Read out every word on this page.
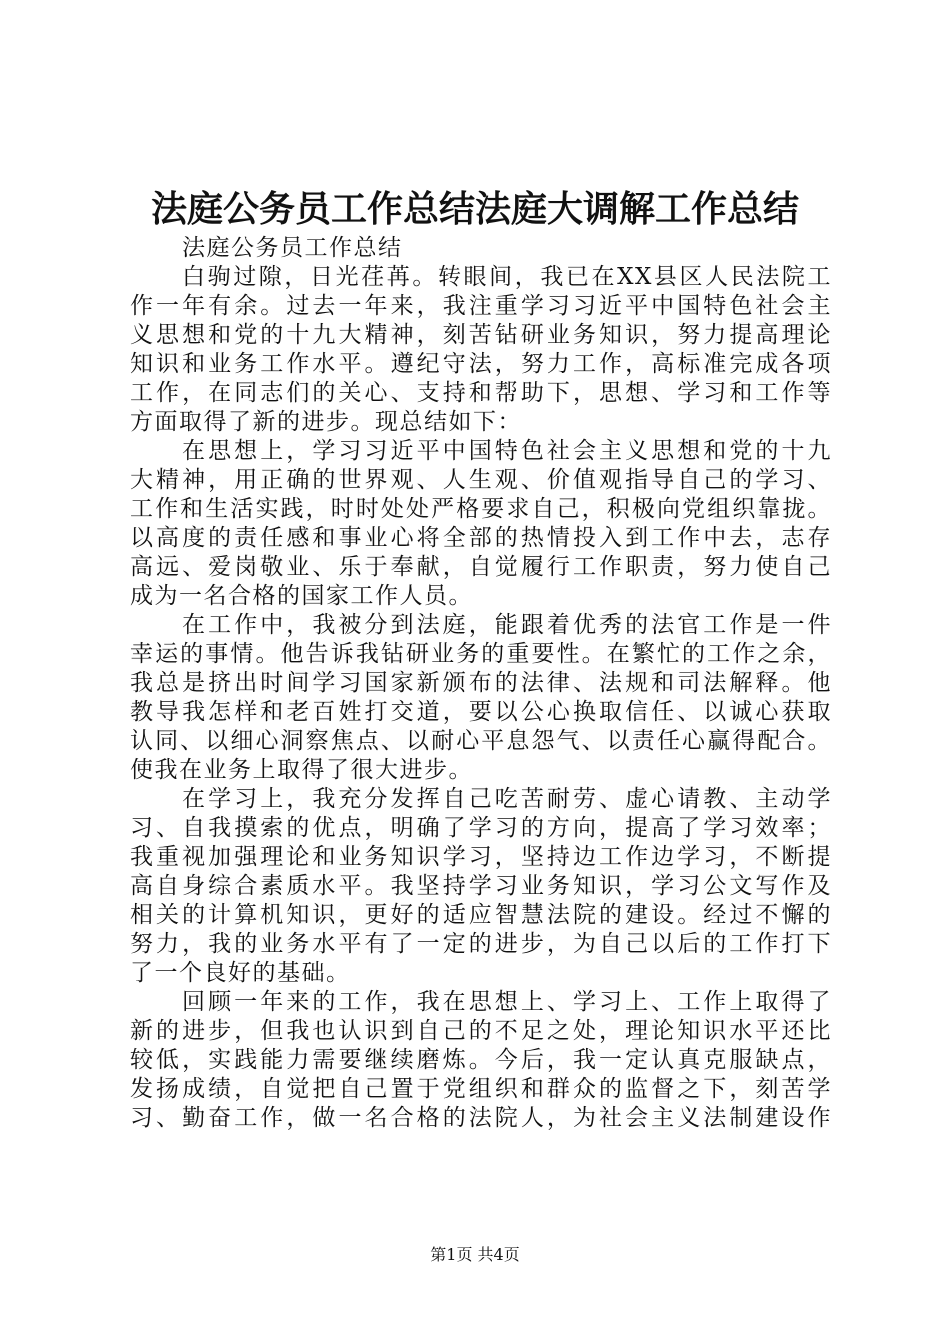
法庭公务员工作总结法庭大调解工作总结
法庭公务员工作总结
白驹过隙，日光荏苒。转眼间，我已在XX县区人民法院工
作一年有余。过去一年来，我注重学习习近平中国特色社会主
义思想和党的十九大精神，刻苦钻研业务知识，努力提高理论
知识和业务工作水平。遵纪守法，努力工作，高标准完成各项
工作，在同志们的关心、支持和帮助下，思想、学习和工作等
方面取得了新的进步。现总结如下：
在思想上，学习习近平中国特色社会主义思想和党的十九
大精神，用正确的世界观、人生观、价值观指导自己的学习、
工作和生活实践，时时处处严格要求自己，积极向党组织靠拢。
以高度的责任感和事业心将全部的热情投入到工作中去，志存
高远、爱岗敬业、乐于奉献，自觉履行工作职责，努力使自己
成为一名合格的国家工作人员。
在工作中，我被分到法庭，能跟着优秀的法官工作是一件
幸运的事情。他告诉我钻研业务的重要性。在繁忙的工作之余，
我总是挤出时间学习国家新颁布的法律、法规和司法解释。他
教导我怎样和老百姓打交道，要以公心换取信任、以诚心获取
认同、以细心洞察焦点、以耐心平息怨气、以责任心赢得配合。
使我在业务上取得了很大进步。
在学习上，我充分发挥自己吃苦耐劳、虚心请教、主动学
习、自我摸索的优点，明确了学习的方向，提高了学习效率；
我重视加强理论和业务知识学习，坚持边工作边学习，不断提
高自身综合素质水平。我坚持学习业务知识，学习公文写作及
相关的计算机知识，更好的适应智慧法院的建设。经过不懈的
努力，我的业务水平有了一定的进步，为自己以后的工作打下
了一个良好的基础。
回顾一年来的工作，我在思想上、学习上、工作上取得了
新的进步，但我也认识到自己的不足之处，理论知识水平还比
较低，实践能力需要继续磨炼。今后，我一定认真克服缺点，
发扬成绩，自觉把自己置于党组织和群众的监督之下，刻苦学
习、勤奋工作，做一名合格的法院人，为社会主义法制建设作
第1页 共4页
